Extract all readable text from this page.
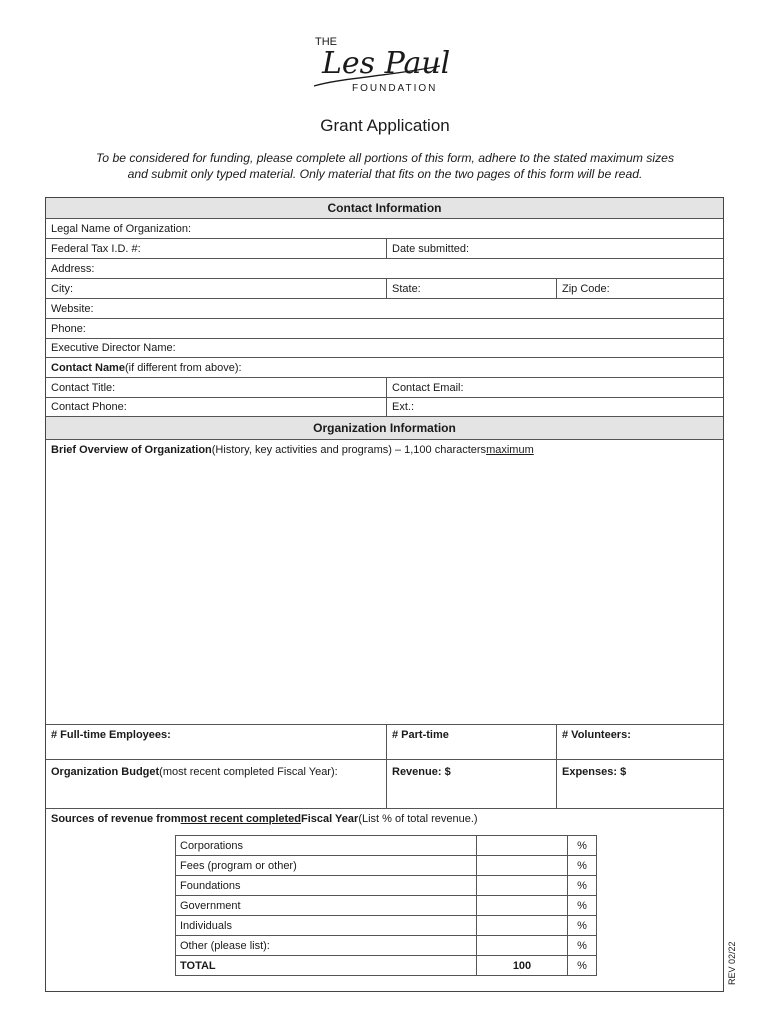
THE
Les Paul
FOUNDATION
Grant Application
To be considered for funding, please complete all portions of this form, adhere to the stated maximum sizes
and submit only typed material. Only material that fits on the two pages of this form will be read.
Contact Information
Legal Name of Organization:
Federal Tax I.D. #:	Date submitted:
Address:
City:	State:	Zip Code:
Website:
Phone:
Executive Director Name:
Contact Name (if different from above):
Contact Title:	Contact Email:
Contact Phone:	Ext.:
Organization Information
Brief Overview of Organization (History, key activities and programs) – 1,100 characters maximum
# Full-time Employees:	# Part-time	# Volunteers:
Organization Budget (most recent completed Fiscal Year):	Revenue: $	Expenses: $
Sources of revenue from most recent completed Fiscal Year (List % of total revenue.)
Corporations		%
Fees (program or other)		%
Foundations		%
Government		%
Individuals		%
Other (please list):		%
TOTAL	100	%	REV 02/22
